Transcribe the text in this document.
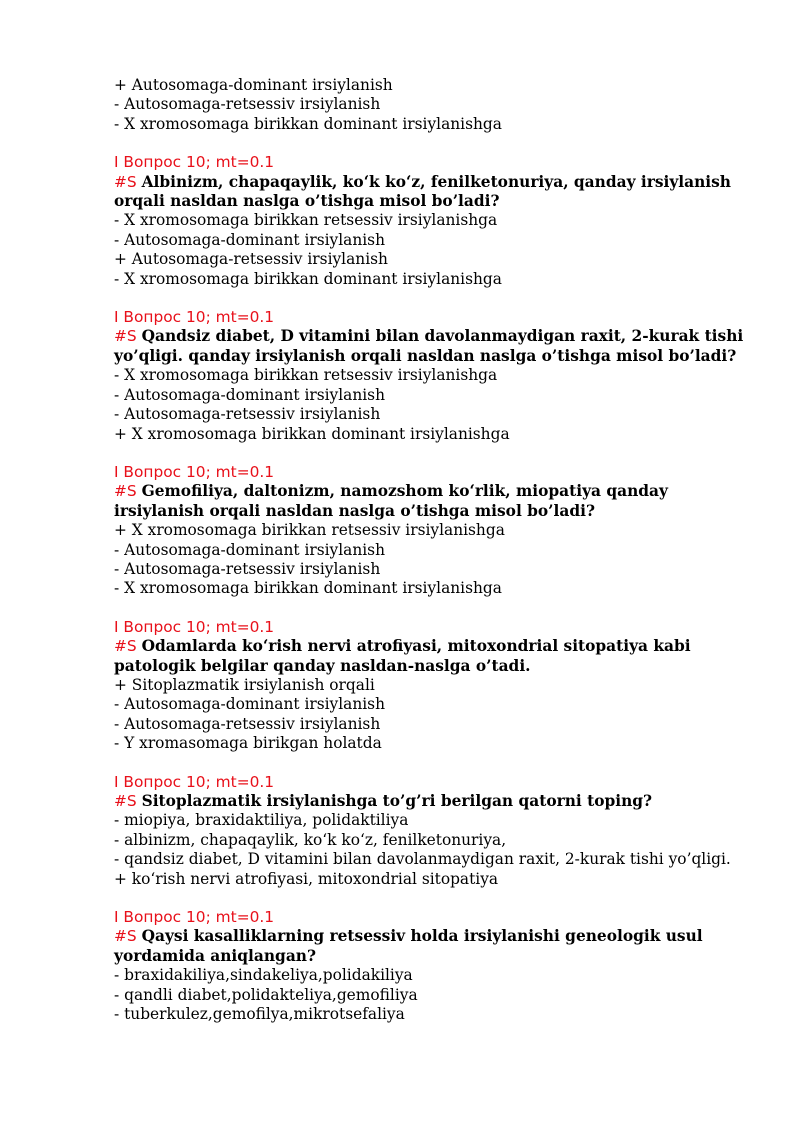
+ Autosomaga-dominant irsiylanish
- Autosomaga-retsessiv irsiylanish
- X xromosomaga birikkan dominant irsiylanishga
I Вопрос 10; mt=0.1
#S Albinizm, chapaqaylik, ko‘k ko‘z, fenilketonuriya, qanday irsiylanish orqali nasldan naslga o’tishga misol bo’ladi?
- X xromosomaga birikkan retsessiv irsiylanishga
- Autosomaga-dominant irsiylanish
+ Autosomaga-retsessiv irsiylanish
- X xromosomaga birikkan dominant irsiylanishga
I Вопрос 10; mt=0.1
#S Qandsiz diabet, D vitamini bilan davolanmaydigan raxit, 2-kurak tishi yo’qligi. qanday irsiylanish orqali nasldan naslga o’tishga misol bo’ladi?
- X xromosomaga birikkan retsessiv irsiylanishga
- Autosomaga-dominant irsiylanish
- Autosomaga-retsessiv irsiylanish
+ X xromosomaga birikkan dominant irsiylanishga
I Вопрос 10; mt=0.1
#S Gemofiliya, daltonizm, namozshom ko‘rlik, miopatiya qanday irsiylanish orqali nasldan naslga o’tishga misol bo’ladi?
+ X xromosomaga birikkan retsessiv irsiylanishga
- Autosomaga-dominant irsiylanish
- Autosomaga-retsessiv irsiylanish
- X xromosomaga birikkan dominant irsiylanishga
I Вопрос 10; mt=0.1
#S Odamlarda ko‘rish nervi atrofiyasi, mitoxondrial sitopatiya kabi patologik belgilar qanday nasldan-naslga o’tadi.
+ Sitoplazmatik irsiylanish orqali
- Autosomaga-dominant irsiylanish
- Autosomaga-retsessiv irsiylanish
- Y xromasomaga birikgan holatda
I Вопрос 10; mt=0.1
#S Sitoplazmatik irsiylanishga to’g’ri berilgan qatorni toping?
- miopiya, braxidaktiliya, polidaktiliya
- albinizm, chapaqaylik, ko‘k ko‘z, fenilketonuriya,
- qandsiz diabet, D vitamini bilan davolanmaydigan raxit, 2-kurak tishi yo’qligi.
+ ko‘rish nervi atrofiyasi, mitoxondrial sitopatiya
I Вопрос 10; mt=0.1
#S Qaysi kasalliklarning retsessiv holda irsiylanishi geneologik usul yordamida aniqlangan?
- braxidakiliya,sindakeliya,polidakiliya
- qandli diabet,polidakteliya,gemofiliya
- tuberkulez,gemofilya,mikrotsefaliya
